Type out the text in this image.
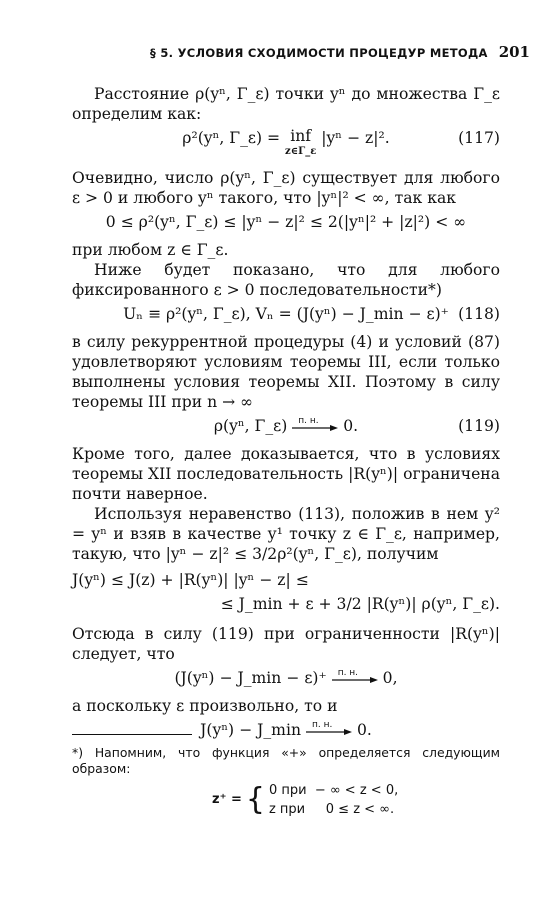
§ 5. УСЛОВИЯ СХОДИМОСТИ ПРОЦЕДУР МЕТОДА 201

Расстояние ρ(yⁿ, Γ_ε) точки yⁿ до множества Γ_ε определим как:

ρ²(yⁿ, Γ_ε) = inf
z∈Γ_ε
|yⁿ − z|².	(117)

Очевидно, число ρ(yⁿ, Γ_ε) существует для любого ε > 0 и любого yⁿ такого, что |yⁿ|² < ∞, так как

0 ≤ ρ²(yⁿ, Γ_ε) ≤ |yⁿ − z|² ≤ 2(|yⁿ|² + |z|²) < ∞

при любом z ∈ Γ_ε.

Ниже будет показано, что для любого фиксированного ε > 0 последовательности*)

Uₙ ≡ ρ²(yⁿ, Γ_ε), Vₙ = (J(yⁿ) − J_min − ε)⁺ (118)

в силу рекуррентной процедуры (4) и условий (87) удовлетворяют условиям теоремы III, если только выполнены условия теоремы XII. Поэтому в силу теоремы III при n → ∞

ρ(yⁿ, Γ_ε) п. н. 0.	(119)

Кроме того, далее доказывается, что в условиях теоремы XII последовательность |R(yⁿ)| ограничена почти наверное.

Используя неравенство (113), положив в нем y² = yⁿ и взяв в качестве y¹ точку z ∈ Γ_ε, например, такую, что |yⁿ − z|² ≤ 3/2ρ²(yⁿ, Γ_ε), получим

J(yⁿ) ≤ J(z) + |R(yⁿ)| |yⁿ − z| ≤
≤ J_min + ε + 3/2 |R(yⁿ)| ρ(yⁿ, Γ_ε).

Отсюда в силу (119) при ограниченности |R(yⁿ)| следует, что

(J(yⁿ) − J_min − ε)⁺ п. н. 0,

а поскольку ε произвольно, то и

J(yⁿ) − J_min п. н. 0.

*) Напомним, что функция «+» определяется следующим образом:

z⁺ = { 0 при  − ∞ < z < 0,
z при     0 ≤ z < ∞.
